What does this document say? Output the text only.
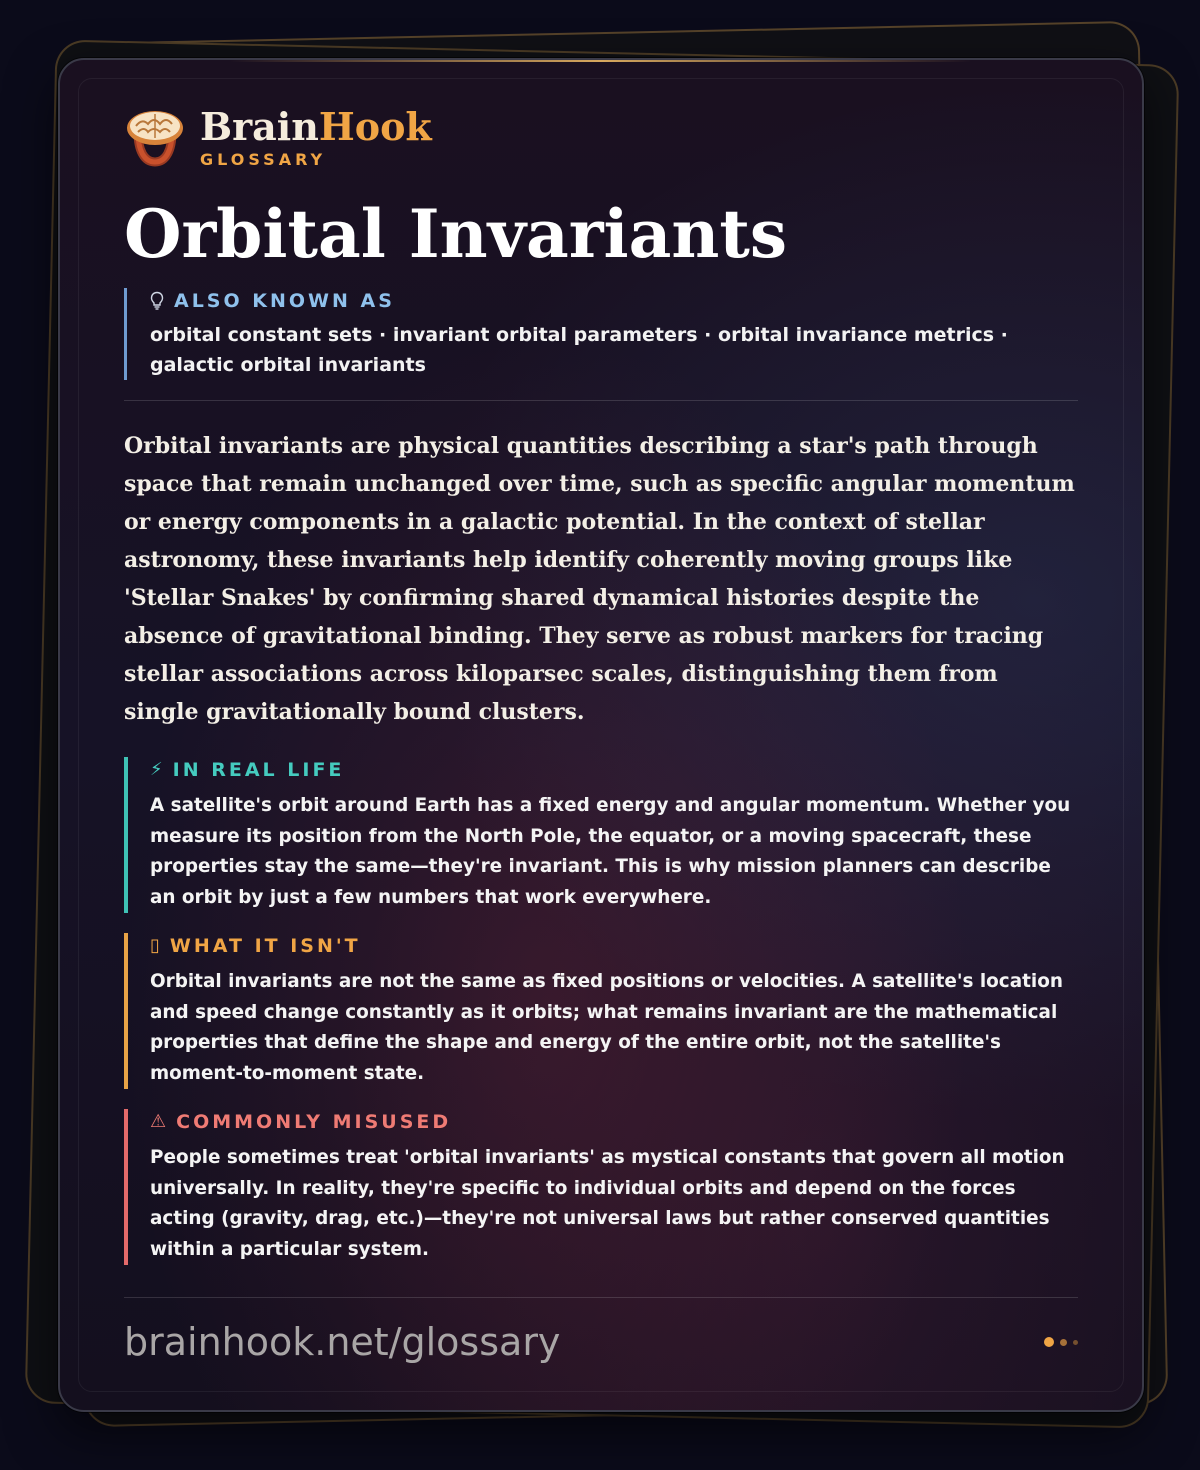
BrainHook
GLOSSARY
Orbital Invariants
ALSO KNOWN AS
orbital constant sets · invariant orbital parameters · orbital invariance metrics · galactic orbital invariants
Orbital invariants are physical quantities describing a star's path through space that remain unchanged over time, such as specific angular momentum or energy components in a galactic potential. In the context of stellar astronomy, these invariants help identify coherently moving groups like 'Stellar Snakes' by confirming shared dynamical histories despite the absence of gravitational binding. They serve as robust markers for tracing stellar associations across kiloparsec scales, distinguishing them from single gravitationally bound clusters.
⚡ IN REAL LIFE
A satellite's orbit around Earth has a fixed energy and angular momentum. Whether you measure its position from the North Pole, the equator, or a moving spacecraft, these properties stay the same—they're invariant. This is why mission planners can describe an orbit by just a few numbers that work everywhere.
▯ WHAT IT ISN'T
Orbital invariants are not the same as fixed positions or velocities. A satellite's location and speed change constantly as it orbits; what remains invariant are the mathematical properties that define the shape and energy of the entire orbit, not the satellite's moment-to-moment state.
⚠ COMMONLY MISUSED
People sometimes treat 'orbital invariants' as mystical constants that govern all motion universally. In reality, they're specific to individual orbits and depend on the forces acting (gravity, drag, etc.)—they're not universal laws but rather conserved quantities within a particular system.
brainhook.net/glossary
